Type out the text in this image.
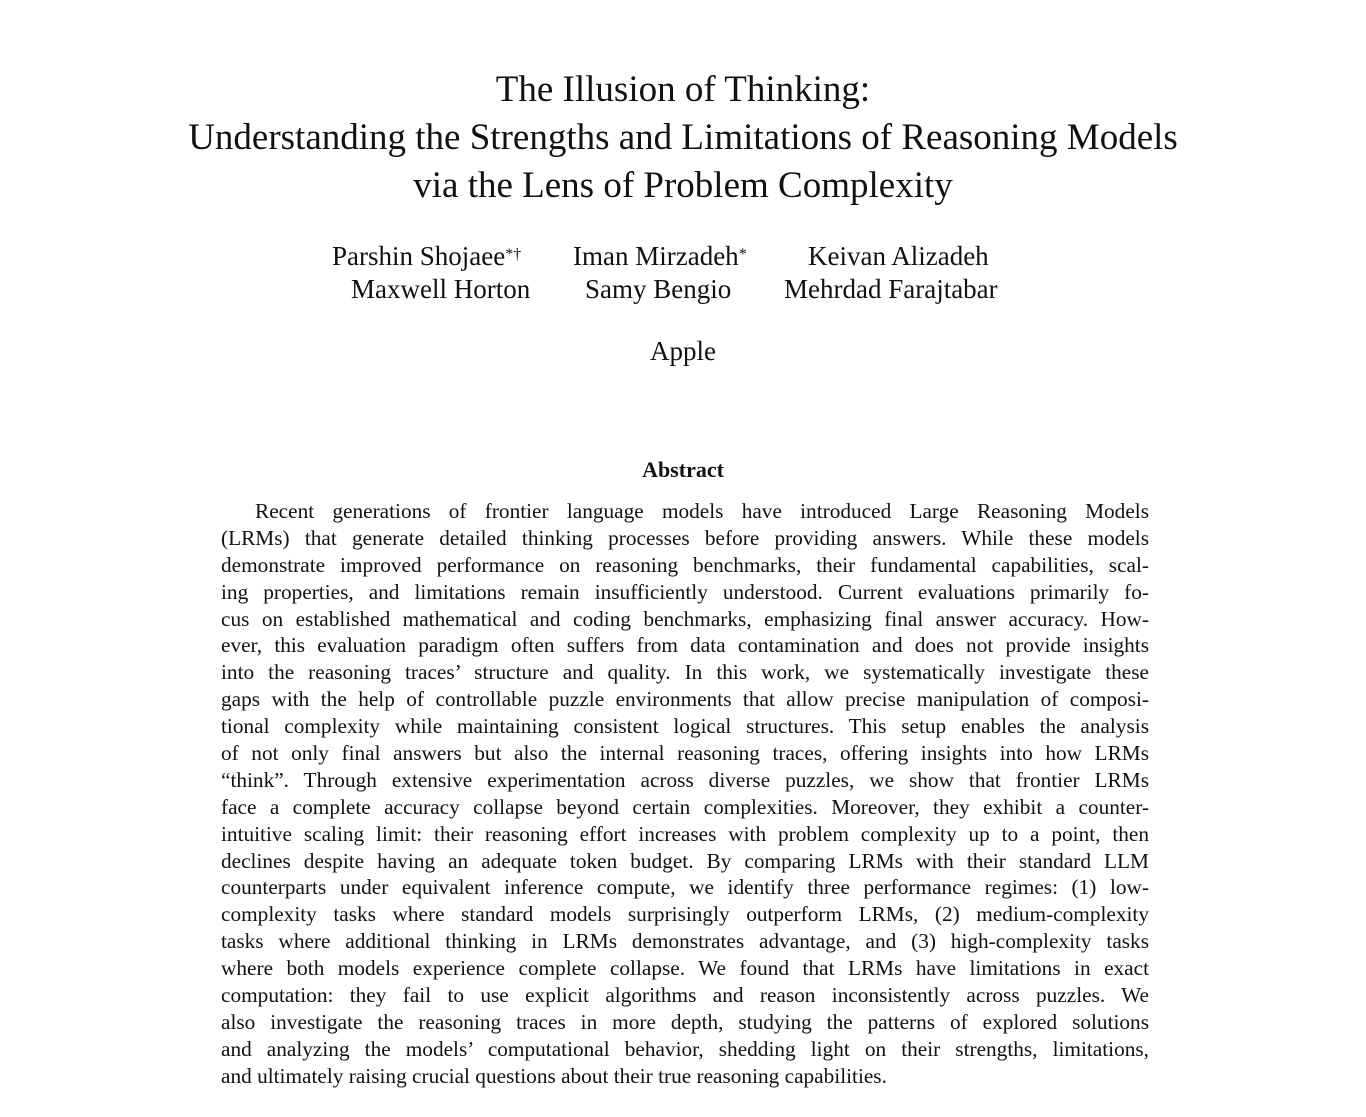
The Illusion of Thinking:
Understanding the Strengths and Limitations of Reasoning Models
via the Lens of Problem Complexity
Parshin Shojaee*† Iman Mirzadeh* Keivan Alizadeh
Maxwell Horton Samy Bengio Mehrdad Farajtabar
Apple
Abstract
Recent generations of frontier language models have introduced Large Reasoning Models
(LRMs) that generate detailed thinking processes before providing answers. While these models
demonstrate improved performance on reasoning benchmarks, their fundamental capabilities, scal-
ing properties, and limitations remain insufficiently understood. Current evaluations primarily fo-
cus on established mathematical and coding benchmarks, emphasizing final answer accuracy. How-
ever, this evaluation paradigm often suffers from data contamination and does not provide insights
into the reasoning traces’ structure and quality. In this work, we systematically investigate these
gaps with the help of controllable puzzle environments that allow precise manipulation of composi-
tional complexity while maintaining consistent logical structures. This setup enables the analysis
of not only final answers but also the internal reasoning traces, offering insights into how LRMs
“think”. Through extensive experimentation across diverse puzzles, we show that frontier LRMs
face a complete accuracy collapse beyond certain complexities. Moreover, they exhibit a counter-
intuitive scaling limit: their reasoning effort increases with problem complexity up to a point, then
declines despite having an adequate token budget. By comparing LRMs with their standard LLM
counterparts under equivalent inference compute, we identify three performance regimes: (1) low-
complexity tasks where standard models surprisingly outperform LRMs, (2) medium-complexity
tasks where additional thinking in LRMs demonstrates advantage, and (3) high-complexity tasks
where both models experience complete collapse. We found that LRMs have limitations in exact
computation: they fail to use explicit algorithms and reason inconsistently across puzzles. We
also investigate the reasoning traces in more depth, studying the patterns of explored solutions
and analyzing the models’ computational behavior, shedding light on their strengths, limitations,
and ultimately raising crucial questions about their true reasoning capabilities.
